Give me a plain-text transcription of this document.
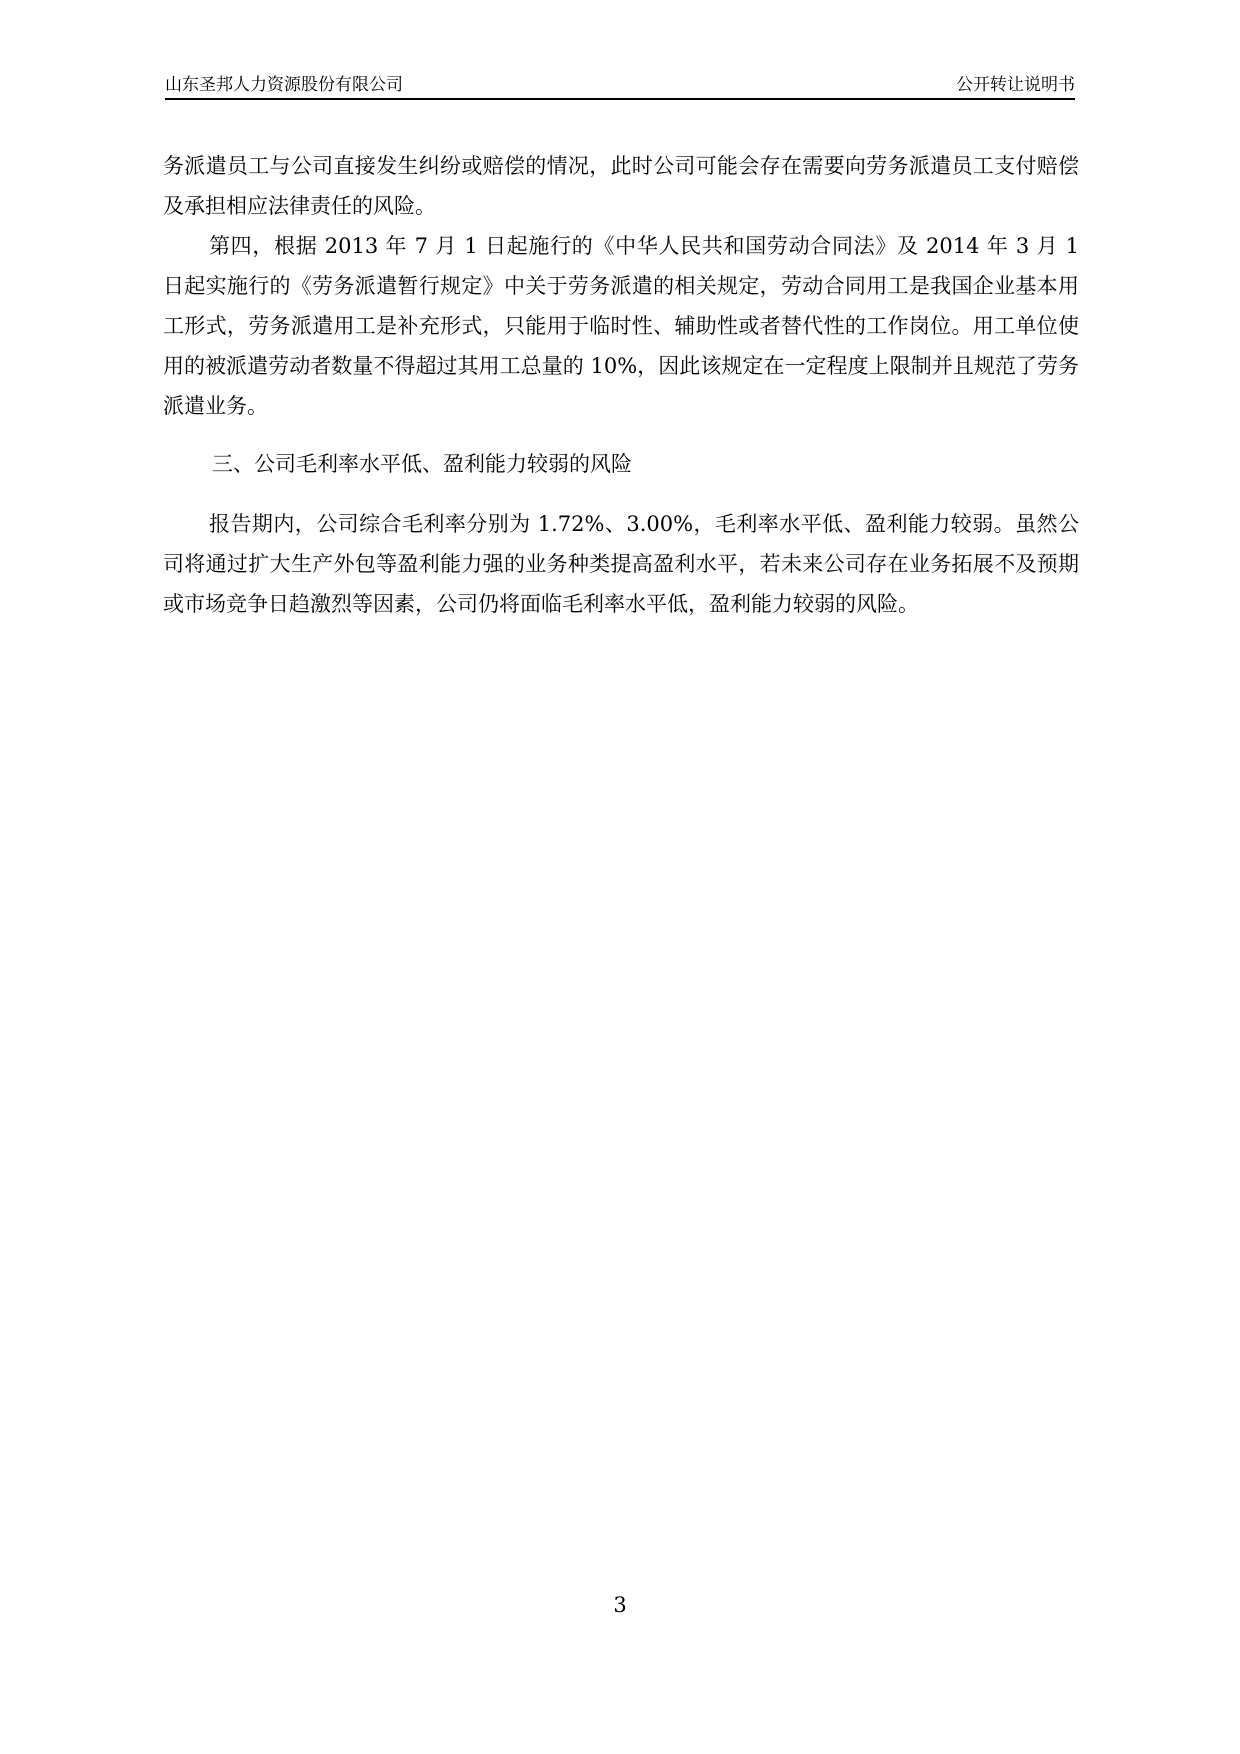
山东圣邦人力资源股份有限公司	公开转让说明书

务派遣员工与公司直接发生纠纷或赔偿的情况，此时公司可能会存在需要向劳务派遣员工支付赔偿及承担相应法律责任的风险。

第四，根据 2013 年 7 月 1 日起施行的《中华人民共和国劳动合同法》及 2014 年 3 月 1 日起实施行的《劳务派遣暂行规定》中关于劳务派遣的相关规定，劳动合同用工是我国企业基本用工形式，劳务派遣用工是补充形式，只能用于临时性、辅助性或者替代性的工作岗位。用工单位使用的被派遣劳动者数量不得超过其用工总量的 10%，因此该规定在一定程度上限制并且规范了劳务派遣业务。

三、公司毛利率水平低、盈利能力较弱的风险

报告期内，公司综合毛利率分别为 1.72%、3.00%，毛利率水平低、盈利能力较弱。虽然公司将通过扩大生产外包等盈利能力强的业务种类提高盈利水平，若未来公司存在业务拓展不及预期或市场竞争日趋激烈等因素，公司仍将面临毛利率水平低，盈利能力较弱的风险。

3
